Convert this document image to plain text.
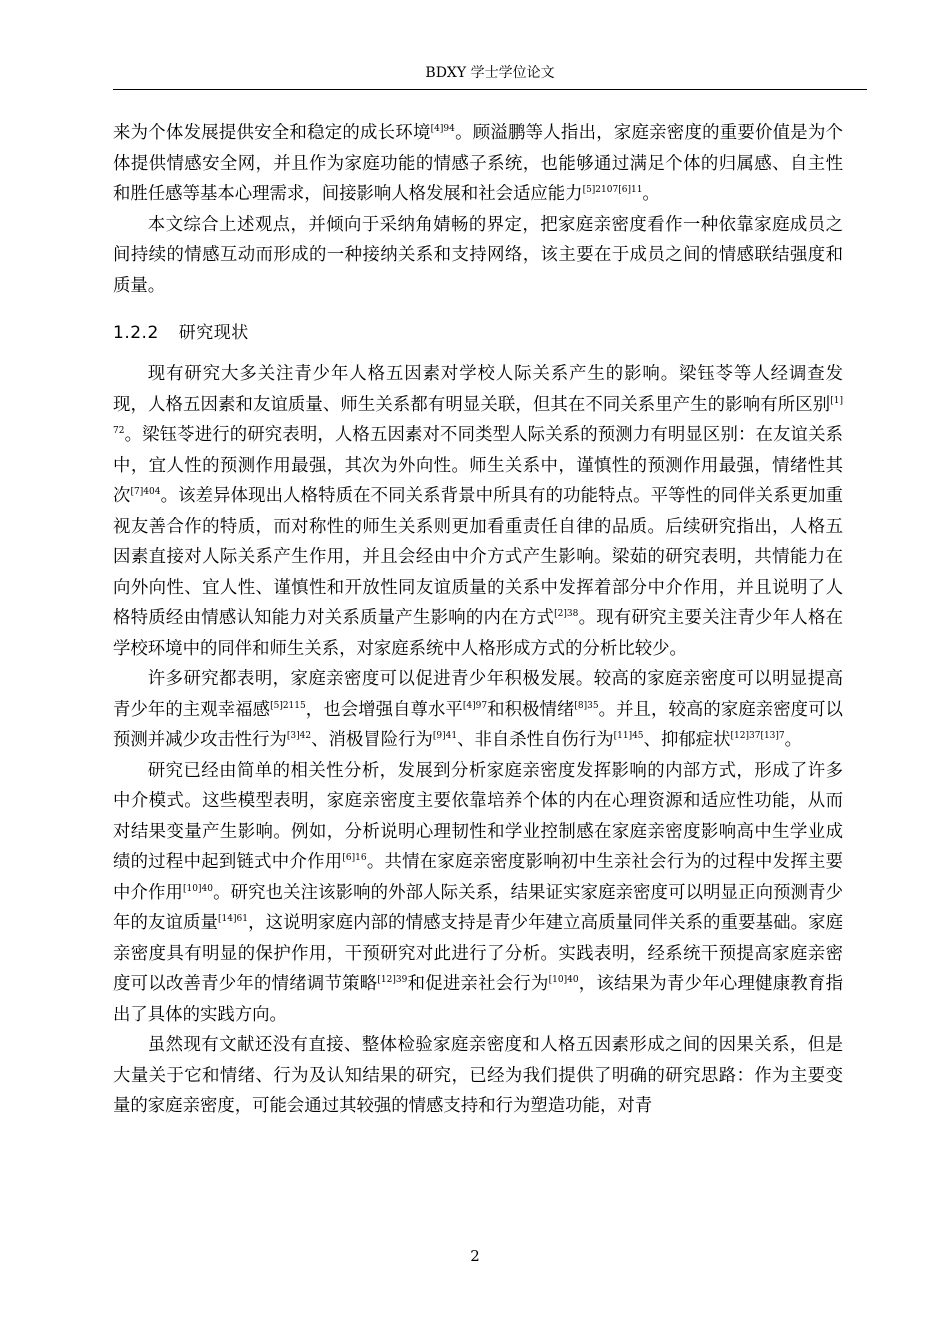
BDXY 学士学位论文

来为个体发展提供安全和稳定的成长环境$^{[4]94}$。顾溢鹏等人指出，家庭亲密度的重要价值是为个体提供情感安全网，并且作为家庭功能的情感子系统，也能够通过满足个体的归属感、自主性和胜任感等基本心理需求，间接影响人格发展和社会适应能力$^{[5]2107[6]11}$。

本文综合上述观点，并倾向于采纳角婧畅的界定，把家庭亲密度看作一种依靠家庭成员之间持续的情感互动而形成的一种接纳关系和支持网络，该主要在于成员之间的情感联结强度和质量。

1.2.2 研究现状

现有研究大多关注青少年人格五因素对学校人际关系产生的影响。梁钰苓等人经调查发现，人格五因素和友谊质量、师生关系都有明显关联，但其在不同关系里产生的影响有所区别$^{[1]72}$。梁钰苓进行的研究表明，人格五因素对不同类型人际关系的预测力有明显区别：在友谊关系中，宜人性的预测作用最强，其次为外向性。师生关系中，谨慎性的预测作用最强，情绪性其次$^{[7]404}$。该差异体现出人格特质在不同关系背景中所具有的功能特点。平等性的同伴关系更加重视友善合作的特质，而对称性的师生关系则更加看重责任自律的品质。后续研究指出，人格五因素直接对人际关系产生作用，并且会经由中介方式产生影响。梁茹的研究表明，共情能力在向外向性、宜人性、谨慎性和开放性同友谊质量的关系中发挥着部分中介作用，并且说明了人格特质经由情感认知能力对关系质量产生影响的内在方式$^{[2]38}$。现有研究主要关注青少年人格在学校环境中的同伴和师生关系，对家庭系统中人格形成方式的分析比较少。

许多研究都表明，家庭亲密度可以促进青少年积极发展。较高的家庭亲密度可以明显提高青少年的主观幸福感$^{[5]2115}$，也会增强自尊水平$^{[4]97}$和积极情绪$^{[8]35}$。并且，较高的家庭亲密度可以预测并减少攻击性行为$^{[3]42}$、消极冒险行为$^{[9]41}$、非自杀性自伤行为$^{[11]45}$、抑郁症状$^{[12]37[13]7}$。

研究已经由简单的相关性分析，发展到分析家庭亲密度发挥影响的内部方式，形成了许多中介模式。这些模型表明，家庭亲密度主要依靠培养个体的内在心理资源和适应性功能，从而对结果变量产生影响。例如，分析说明心理韧性和学业控制感在家庭亲密度影响高中生学业成绩的过程中起到链式中介作用$^{[6]16}$。共情在家庭亲密度影响初中生亲社会行为的过程中发挥主要中介作用$^{[10]40}$。研究也关注该影响的外部人际关系，结果证实家庭亲密度可以明显正向预测青少年的友谊质量$^{[14]61}$，这说明家庭内部的情感支持是青少年建立高质量同伴关系的重要基础。家庭亲密度具有明显的保护作用，干预研究对此进行了分析。实践表明，经系统干预提高家庭亲密度可以改善青少年的情绪调节策略$^{[12]39}$和促进亲社会行为$^{[10]40}$，该结果为青少年心理健康教育指出了具体的实践方向。

虽然现有文献还没有直接、整体检验家庭亲密度和人格五因素形成之间的因果关系，但是大量关于它和情绪、行为及认知结果的研究，已经为我们提供了明确的研究思路：作为主要变量的家庭亲密度，可能会通过其较强的情感支持和行为塑造功能，对青

2
